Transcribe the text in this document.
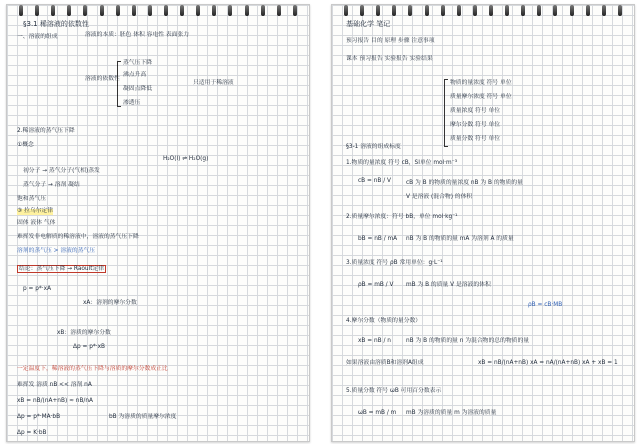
§3.1 稀溶液的依数性
一、溶液的组成	溶液的本质：胚色 体积 容电性 表面张力
蒸气压下降
沸点升高
溶液的依数性
凝固点降低
渗透压
只适用于稀溶液
2.稀溶液的蒸气压下降
①概念
H₂O(l) ⇌ H₂O(g)
初分子 → 蒸气分子(气相)蒸发
蒸气分子 → 溶剂 凝结
饱和蒸气压
③ 拉乌尔定律
固体 液体 气体
难挥发非电解质的稀溶液中，溶液的蒸气压下降
溶剂的蒸气压 > 溶液的蒸气压
结论：蒸气压下降 → Raoult定律
p = p*·xA
xA：溶剂的摩尔分数
Δp = p*·xB
xB：溶质的摩尔分数
一定温度下，稀溶液的蒸气压下降与溶质的摩尔分数成正比
难挥发 溶质 nB << 溶剂 nA
xB = nB/(nA+nB) ≈ nB/nA
Δp = p*·MA·bB	bB 为溶质的质量摩尔浓度
Δp = K·bB
基础化学 笔记
预习报告 目的 原理 步骤 注意事项
课本 预习报告 实验报告 实验结果
物质的量浓度 符号 单位
质量摩尔浓度 符号 单位
质量浓度 符号 单位
摩尔分数 符号 单位
质量分数 符号 单位
§3-1 溶液的组成标度
1.物质的量浓度 符号 cB，SI单位 mol·m⁻³
cB = nB / V	cB 为 B 的物质的量浓度 nB 为 B 的物质的量
V 是溶液 (混合物) 的体积
2.质量摩尔浓度：符号 bB，单位 mol·kg⁻¹
bB = nB / mA nB 为 B 的物质的量 mA 为溶剂 A 的质量
3.质量浓度 符号 ρB 常用单位：g·L⁻¹
ρB = mB / V mB 为 B 的质量 V 是溶液的体积
ρB = cB·MB
4.摩尔分数（物质的量分数）
xB = nB / n	nB 为 B 的物质的量 n 为混合物的总的物质的量
如果溶液由溶质B和溶剂A组成	xB = nB/(nA+nB) xA = nA/(nA+nB) xA + xB = 1
5.质量分数 符号 ωB 可用百分数表示
ωB = mB / m mB 为溶质的质量 m 为溶液的质量
